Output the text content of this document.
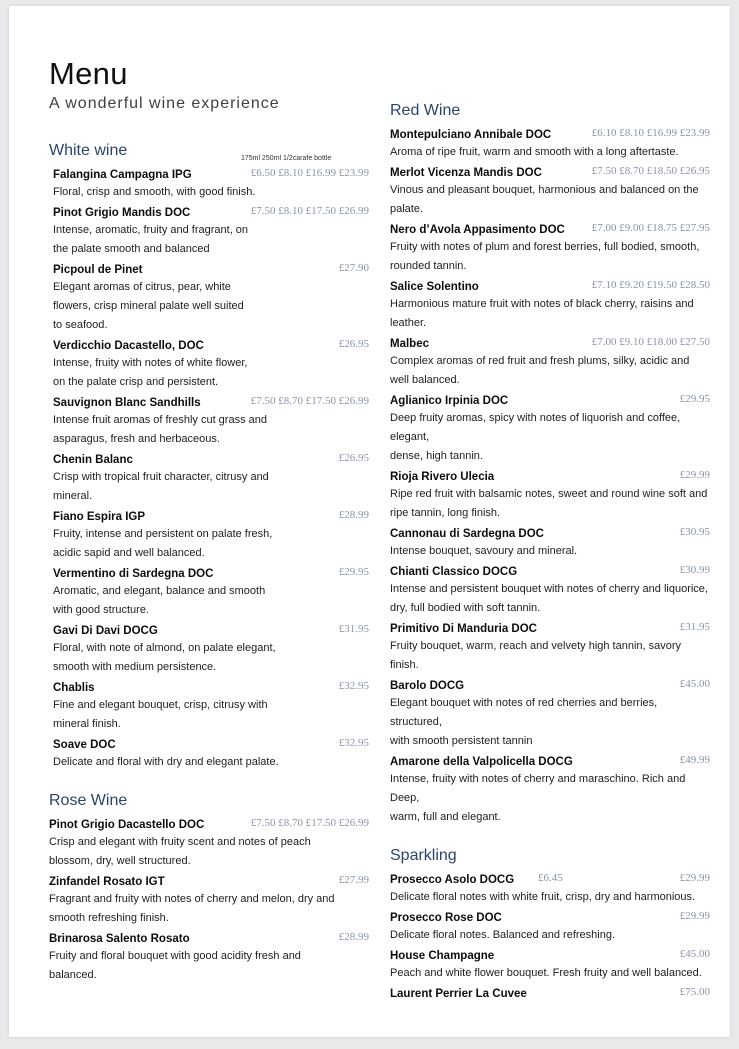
Menu
A wonderful wine experience
White wine	175ml 250ml 1/2carafe bottle
Falangina Campagna IPG	£6.50 £8.10 £16.99 £23.99
Floral, crisp and smooth, with good finish.
Pinot Grigio Mandis DOC	£7.50 £8.10 £17.50 £26.99
Intense, aromatic, fruity and fragrant, on
the palate smooth and balanced
Picpoul de Pinet	£27.90
Elegant aromas of citrus, pear, white
flowers, crisp mineral palate well suited
to seafood.
Verdicchio Dacastello, DOC	£26.95
Intense, fruity with notes of white flower,
on the palate crisp and persistent.
Sauvignon Blanc Sandhills	£7.50 £8.70 £17.50 £26.99
Intense fruit aromas of freshly cut grass and
asparagus, fresh and herbaceous.
Chenin Balanc	£26.95
Crisp with tropical fruit character, citrusy and
mineral.
Fiano Espira IGP	£28.99
Fruity, intense and persistent on palate fresh,
acidic sapid and well balanced.
Vermentino di Sardegna DOC	£29.95
Aromatic, and elegant, balance and smooth
with good structure.
Gavi Di Davi DOCG	£31.95
Floral, with note of almond, on palate elegant,
smooth with medium persistence.
Chablis	£32.95
Fine and elegant bouquet, crisp, citrusy with
mineral finish.
Soave DOC	£32.95
Delicate and floral with dry and elegant palate.
Rose Wine
Pinot Grigio Dacastello DOC	£7.50 £8.70 £17.50 £26.99
Crisp and elegant with fruity scent and notes of peach
blossom, dry, well structured.
Zinfandel Rosato IGT	£27.99
Fragrant and fruity with notes of cherry and melon, dry and
smooth refreshing finish.
Brinarosa Salento Rosato	£28.99
Fruity and floral bouquet with good acidity fresh and
balanced.
Red Wine
Montepulciano Annibale DOC	£6.10 £8.10 £16.99 £23.99
Aroma of ripe fruit, warm and smooth with a long aftertaste.
Merlot Vicenza Mandis DOC	£7.50 £8.70 £18.50 £26.95
Vinous and pleasant bouquet, harmonious and balanced on the palate.
Nero d’Avola Appasimento DOC £7.00 £9.00 £18.75 £27.95
Fruity with notes of plum and forest berries, full bodied, smooth,
rounded tannin.
Salice Solentino	£7.10 £9.20 £19.50 £28.50
Harmonious mature fruit with notes of black cherry, raisins and leather.
Malbec	£7.00 £9.10 £18.00 £27.50
Complex aromas of red fruit and fresh plums, silky, acidic and
well balanced.
Aglianico Irpinia DOC	£29.95
Deep fruity aromas, spicy with notes of liquorish and coffee, elegant,
dense, high tannin.
Rioja Rivero Ulecia	£29.99
Ripe red fruit with balsamic notes, sweet and round wine soft and
ripe tannin, long finish.
Cannonau di Sardegna DOC	£30.95
Intense bouquet, savoury and mineral.
Chianti Classico DOCG	£30.99
Intense and persistent bouquet with notes of cherry and liquorice,
dry, full bodied with soft tannin.
Primitivo Di Manduria DOC	£31.95
Fruity bouquet, warm, reach and velvety high tannin, savory finish.
Barolo DOCG	£45.00
Elegant bouquet with notes of red cherries and berries, structured,
with smooth persistent tannin
Amarone della Valpolicella DOCG	£49.99
Intense, fruity with notes of cherry and maraschino. Rich and Deep,
warm, full and elegant.
Sparkling
Prosecco Asolo DOCG £6.45	£29.99
Delicate floral notes with white fruit, crisp, dry and harmonious.
Prosecco Rose DOC	£29.99
Delicate floral notes. Balanced and refreshing.
House Champagne	£45.00
Peach and white flower bouquet. Fresh fruity and well balanced.
Laurent Perrier La Cuvee	£75.00
